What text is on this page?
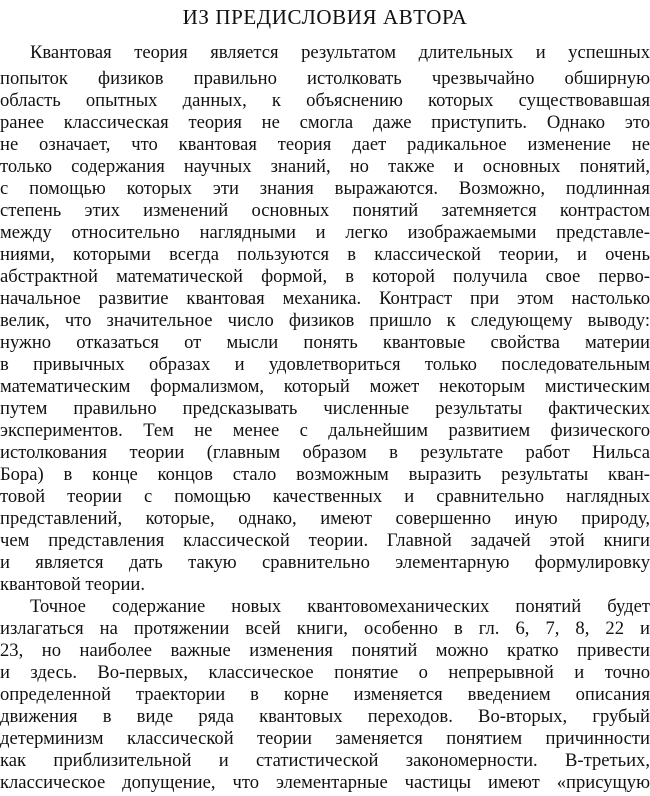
ИЗ ПРЕДИСЛОВИЯ АВТОРА
Квантовая теория является результатом длительных и успешных
попыток физиков правильно истолковать чрезвычайно обширную
область опытных данных, к объяснению которых существовавшая
ранее классическая теория не смогла даже приступить. Однако это
не означает, что квантовая теория дает радикальное изменение не
только содержания научных знаний, но также и основных понятий,
с помощью которых эти знания выражаются. Возможно, подлинная
степень этих изменений основных понятий затемняется контрастом
между относительно наглядными и легко изображаемыми представле-
ниями, которыми всегда пользуются в классической теории, и очень
абстрактной математической формой, в которой получила свое перво-
начальное развитие квантовая механика. Контраст при этом настолько
велик, что значительное число физиков пришло к следующему выводу:
нужно отказаться от мысли понять квантовые свойства материи
в привычных образах и удовлетвориться только последовательным
математическим формализмом, который может некоторым мистическим
путем правильно предсказывать численные результаты фактических
экспериментов. Тем не менее с дальнейшим развитием физического
истолкования теории (главным образом в результате работ Нильса
Бора) в конце концов стало возможным выразить результаты кван-
товой теории с помощью качественных и сравнительно наглядных
представлений, которые, однако, имеют совершенно иную природу,
чем представления классической теории. Главной задачей этой книги
и является дать такую сравнительно элементарную формулировку
квантовой теории.
Точное содержание новых квантовомеханических понятий будет
излагаться на протяжении всей книги, особенно в гл. 6, 7, 8, 22 и
23, но наиболее важные изменения понятий можно кратко привести
и здесь. Во-первых, классическое понятие о непрерывной и точно
определенной траектории в корне изменяется введением описания
движения в виде ряда квантовых переходов. Во-вторых, грубый
детерминизм классической теории заменяется понятием причинности
как приблизительной и статистической закономерности. В-третьих,
классическое допущение, что элементарные частицы имеют «присущую
